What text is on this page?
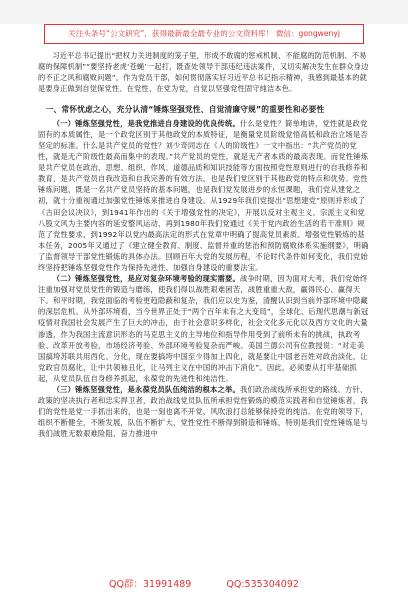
关注头条号“公文研究”，获得最新最全最专业的公文资料库！ 微信：gongwenyj

习近平总书记提出“把权力关进制度的笼子里，形成不敢腐的惩戒机制、不能腐的防范机制、不易腐的保障机制”“要坚持老虎‘苍蝇’一起打，既查处领导干部违纪违法案件，又切实解决发生在群众身边的不正之风和腐败问题”，作为党员干部，如何贯彻落实好习近平总书记指示精神，我感到最基本的就是要身正做到自觉保党性、在党性、在党为党，自觉以坚强党性固守纯洁本色。

一、常怀忧虑之心，充分认清“锤炼坚强党性、自觉清廉守规”的重要性和必要性

（一）锤炼坚强党性，是我党推进自身建设的优良传统。什么是党性？简单地讲，党性就是政党固有的本质属性，是一个政党区别于其他政党的本质特征，是衡量党员阶级觉悟高低和政治立场是否坚定的标准。什么是共产党员的党性？刘少奇同志在《人的阶级性》一文中指出：“共产党员的党性，就是无产阶级性最高而集中的表现。”共产党员的党性，就是无产者本质的最高表现。而党性锤炼是共产党员在政治、思想、组织、作风、道德品质和知识技能等方面按照党性原则进行的自我修养和教育，是共产党员自我改造和自我完善的有效方法，也是我们党区别于其他政党的特点和优势。党性锤炼问题，既是一名共产党员坚持的基本问题，也是我们党发展进步的永恒课题，我们党从建党之初，就十分重视通过加强党性锤炼来推进自身建设。从1929年我们党提出“思想建党”原则并形成了《古田会议决议》，到1941年作出的《关于增强党性的决定》，开展以反对主观主义、宗派主义和党八股文风为主要内容的延安整风运动，再到1980年我们党通过《关于党内政治生活的若干准则》规范了党性要求，到1992年以党内最高法定的形式在党章中明确了提高党员素质、增强党性锻炼的基本任务，2005年又通过了《建立健全教育、制度、监督并重的惩治和预防腐败体系实施纲要》，明确了监督领导干部党性锻炼的具体办法。回顾百年大党的发展历程，不论时代条件如何变化，我们党始终坚持把锤炼坚强党性作为保持先进性、加强自身建设的重要法宝。

（二）锤炼坚强党性，是应对复杂环境考验的现实需要。战争时期，因为面对大考，我们党始终注重加强对党员党性的锻造与磨练，使我们得以战胜艰难困苦，战胜重重大敌，赢得民心、赢得天下。和平时期，我党面临的考验更趋隐蔽和复杂，我们应以史为鉴，清醒认识到当前外部环境中隐藏的深层危机。从外部环境看，当今世界正处于“两个百年未有之大变局”，全球化、后现代思潮与新冠疫情对我国社会发展产生了巨大的冲击，由于社会意识多样化，社会文化多元化以及西方文化的大量渗透，作为我国主流意识形态的马克思主义的主导地位和指导作用受到了前所未有的挑战，执政考验、改革开放考验、市场经济考验、外部环境考验复杂而严峻。美国兰德公司有位教授说：“对走美国搞垮苏联共用西化、分化，现在要搞垮中国至少得加上四化，就是要让中国老百姓对政治淡化，让党政官员腐化，让中共领袖丑化，让马列主义在中国的冲击下消化”。因此，必须要从打牢基础抓起，从党员队伍自身修养抓起，永葆党的先进性和纯洁性。

（三）锤炼坚强党性，是永葆党员队伍纯洁的根本之举。我们政治战线所承担党的路线、方针、政策的坚决执行者和忠实捍卫者，政治战线党员队伍所承担党性锻炼的模范实践者和自觉锤炼者，我们的党性是党一手抓出来的，也是一刻也离不开党，风吹浪打总能够保持党的纯洁。在党的领导下，组织不断健全，不断发展，队伍不断扩大，党性党性不断得到锻造和锤炼，特别是我们党性锤炼是与我们战胜无数艰难险阻、奋力推进中

QQ群：31991489	QQ:535304092
